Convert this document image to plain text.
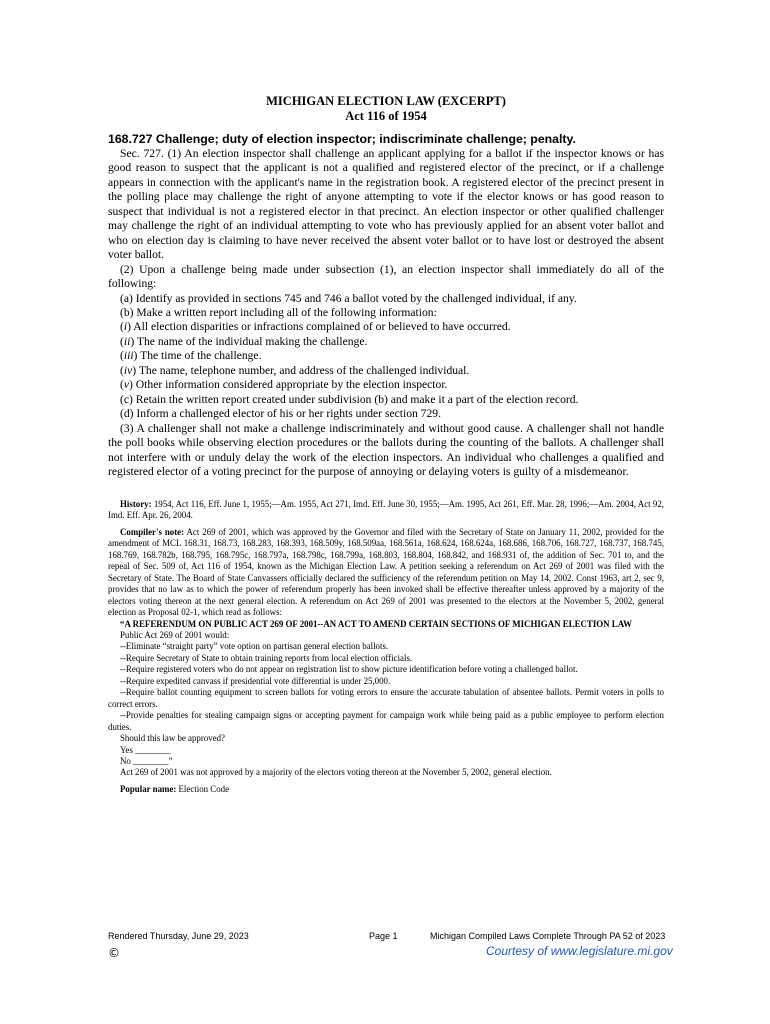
MICHIGAN ELECTION LAW (EXCERPT)
Act 116 of 1954
168.727 Challenge; duty of election inspector; indiscriminate challenge; penalty.

Sec. 727. (1) An election inspector shall challenge an applicant applying for a ballot if the inspector knows or has good reason to suspect that the applicant is not a qualified and registered elector of the precinct, or if a challenge appears in connection with the applicant's name in the registration book. A registered elector of the precinct present in the polling place may challenge the right of anyone attempting to vote if the elector knows or has good reason to suspect that individual is not a registered elector in that precinct. An election inspector or other qualified challenger may challenge the right of an individual attempting to vote who has previously applied for an absent voter ballot and who on election day is claiming to have never received the absent voter ballot or to have lost or destroyed the absent voter ballot.

(2) Upon a challenge being made under subsection (1), an election inspector shall immediately do all of the following:

(a) Identify as provided in sections 745 and 746 a ballot voted by the challenged individual, if any.

(b) Make a written report including all of the following information:

(i) All election disparities or infractions complained of or believed to have occurred.

(ii) The name of the individual making the challenge.

(iii) The time of the challenge.

(iv) The name, telephone number, and address of the challenged individual.

(v) Other information considered appropriate by the election inspector.

(c) Retain the written report created under subdivision (b) and make it a part of the election record.

(d) Inform a challenged elector of his or her rights under section 729.

(3) A challenger shall not make a challenge indiscriminately and without good cause. A challenger shall not handle the poll books while observing election procedures or the ballots during the counting of the ballots. A challenger shall not interfere with or unduly delay the work of the election inspectors. An individual who challenges a qualified and registered elector of a voting precinct for the purpose of annoying or delaying voters is guilty of a misdemeanor.

History: 1954, Act 116, Eff. June 1, 1955;—Am. 1955, Act 271, Imd. Eff. June 30, 1955;—Am. 1995, Act 261, Eff. Mar. 28, 1996;—Am. 2004, Act 92, Imd. Eff. Apr. 26, 2004.

Compiler's note: Act 269 of 2001, which was approved by the Governor and filed with the Secretary of State on January 11, 2002, provided for the amendment of MCL 168.31, 168.73, 168.283, 168.393, 168.509y, 168.509aa, 168.561a, 168.624, 168.624a, 168.686, 168.706, 168.727, 168.737, 168.745, 168.769, 168.782b, 168.795, 168.795c, 168.797a, 168.798c, 168.799a, 168.803, 168.804, 168.842, and 168.931 of, the addition of Sec. 701 to, and the repeal of Sec. 509 of, Act 116 of 1954, known as the Michigan Election Law. A petition seeking a referendum on Act 269 of 2001 was filed with the Secretary of State. The Board of State Canvassers officially declared the sufficiency of the referendum petition on May 14, 2002. Const 1963, art 2, sec 9, provides that no law as to which the power of referendum properly has been invoked shall be effective thereafter unless approved by a majority of the electors voting thereon at the next general election. A referendum on Act 269 of 2001 was presented to the electors at the November 5, 2002, general election as Proposal 02-1, which read as follows:

“A REFERENDUM ON PUBLIC ACT 269 OF 2001--AN ACT TO AMEND CERTAIN SECTIONS OF MICHIGAN ELECTION LAW

Public Act 269 of 2001 would:

--Eliminate “straight party” vote option on partisan general election ballots.

--Require Secretary of State to obtain training reports from local election officials.

--Require registered voters who do not appear on registration list to show picture identification before voting a challenged ballot.

--Require expedited canvass if presidential vote differential is under 25,000.

--Require ballot counting equipment to screen ballots for voting errors to ensure the accurate tabulation of absentee ballots. Permit voters in polls to correct errors.

--Provide penalties for stealing campaign signs or accepting payment for campaign work while being paid as a public employee to perform election duties.

Should this law be approved?

Yes ________

No ________”

Act 269 of 2001 was not approved by a majority of the electors voting thereon at the November 5, 2002, general election.

Popular name: Election Code

Rendered Thursday, June 29, 2023	Page 1	Michigan Compiled Laws Complete Through PA 52 of 2023
©	Courtesy of www.legislature.mi.gov
